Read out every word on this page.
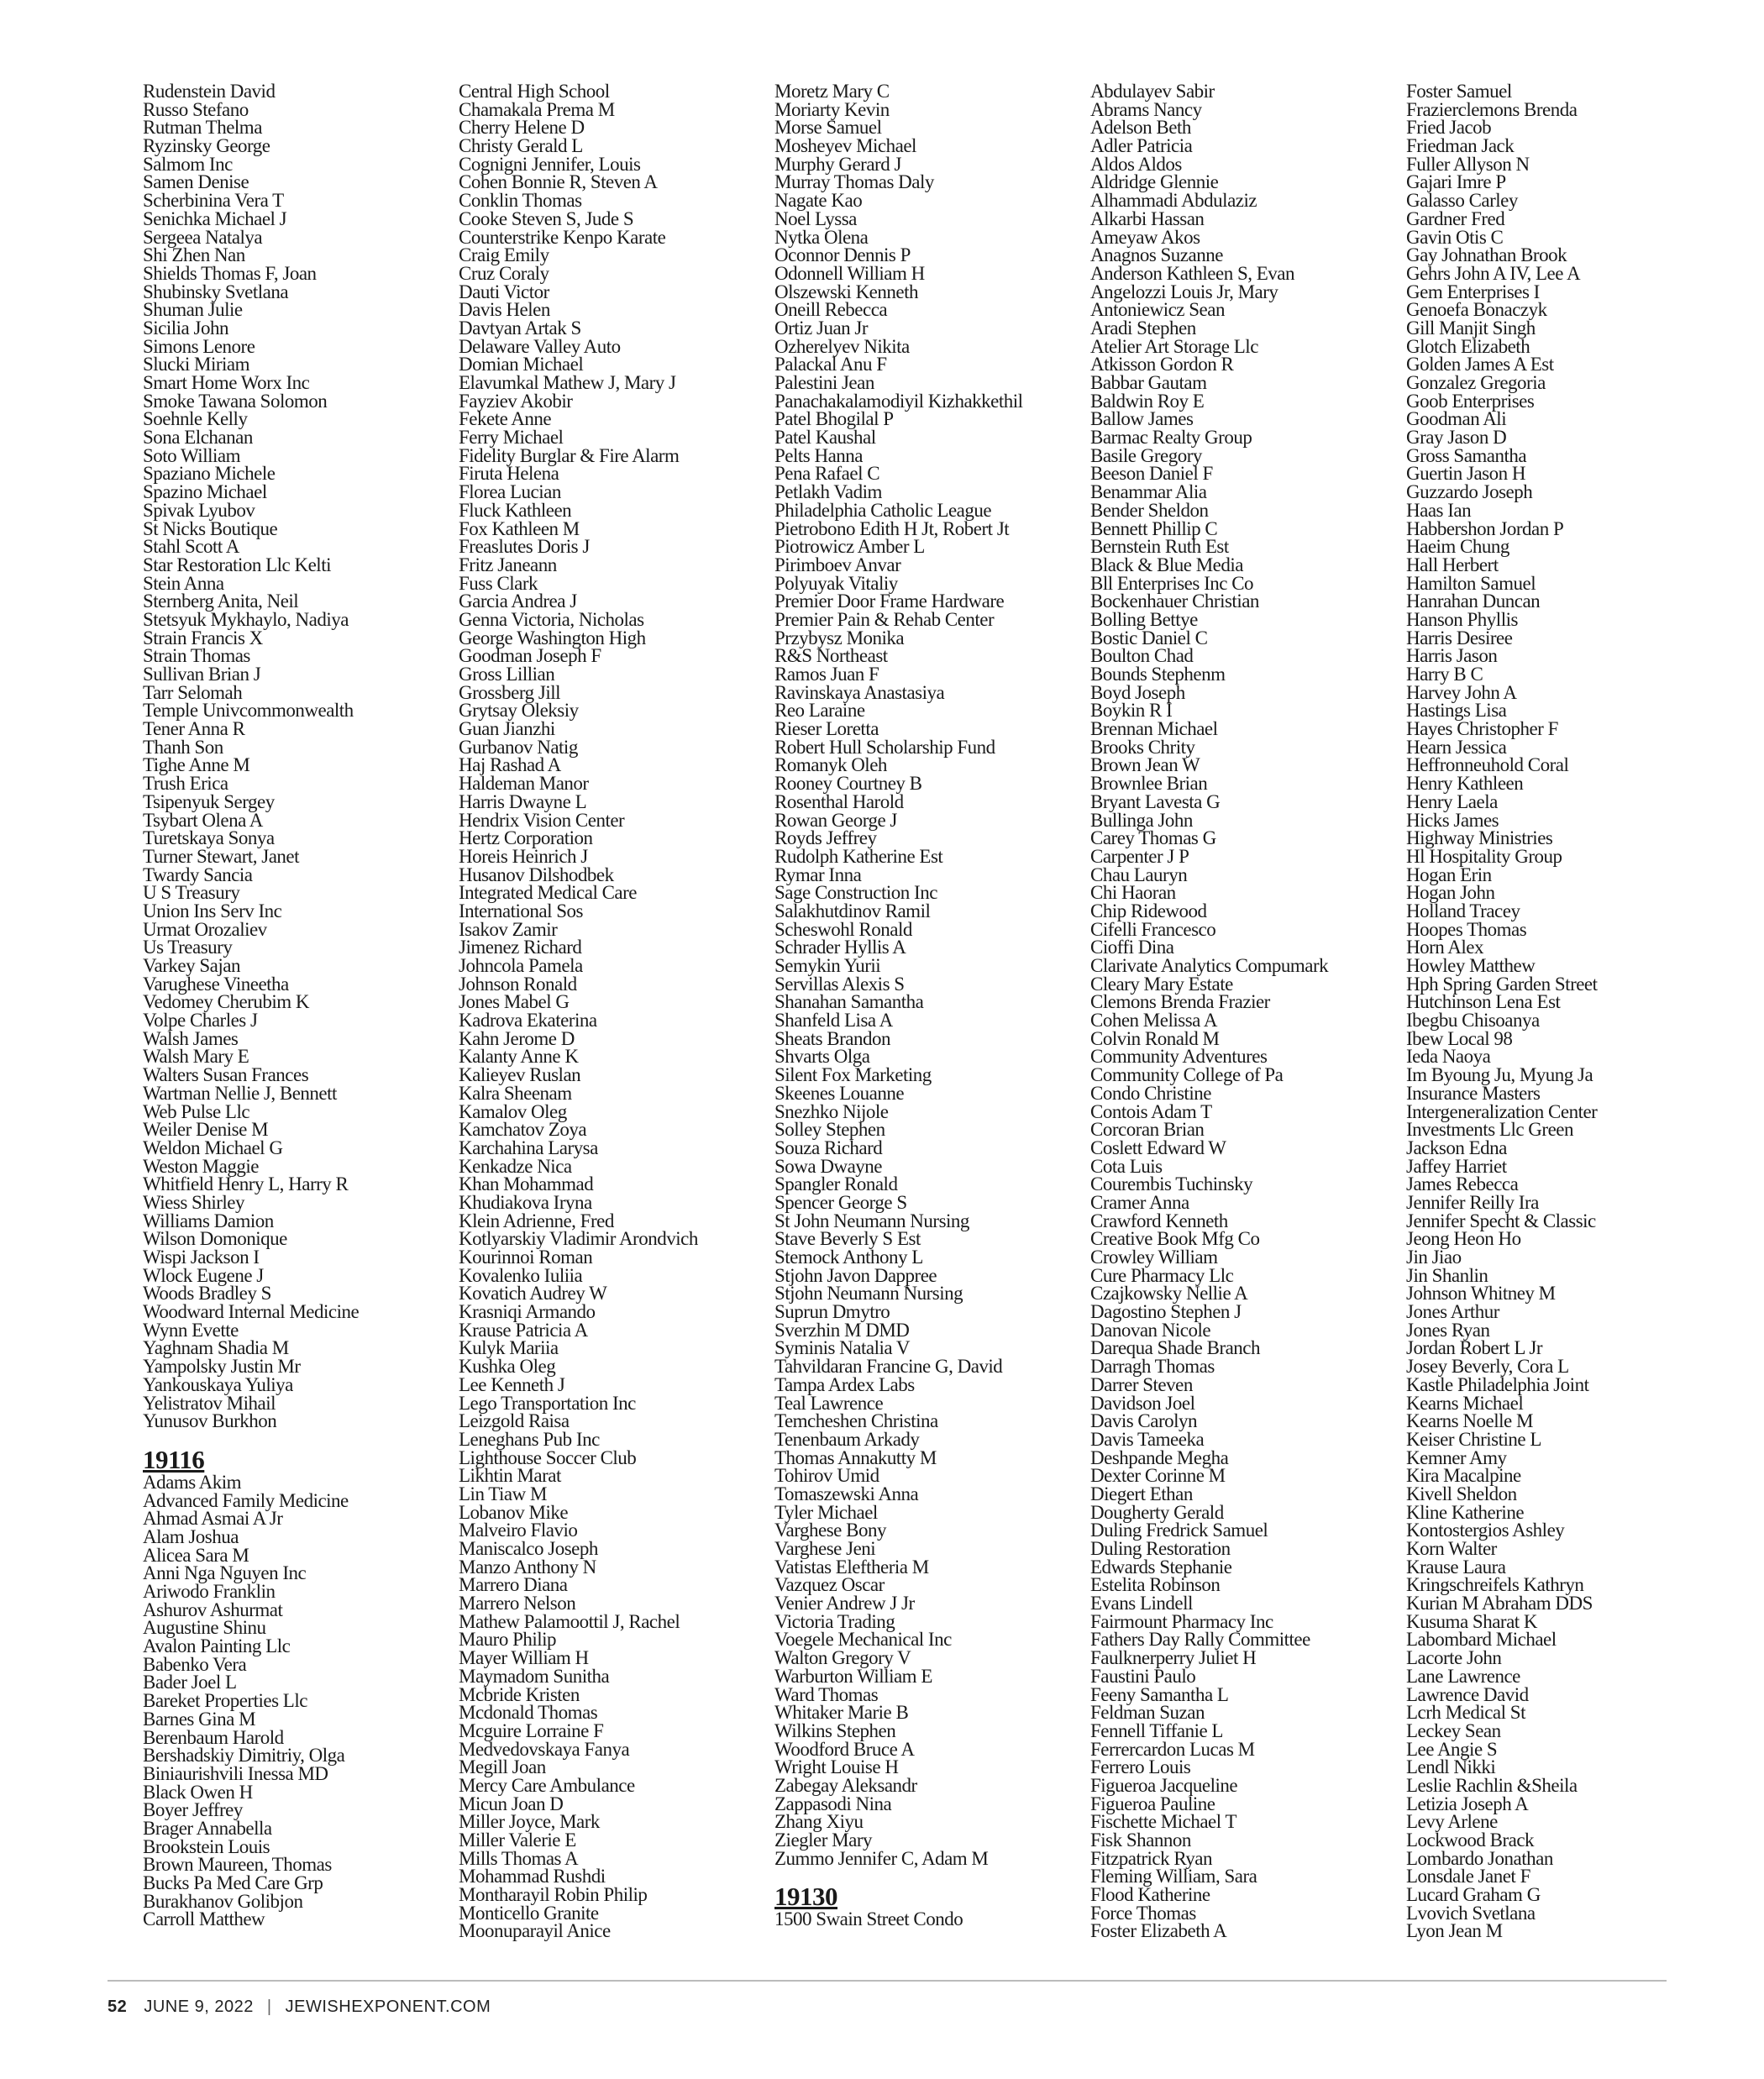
Rudenstein David
Russo Stefano
Rutman Thelma
Ryzinsky George
Salmom Inc
Samen Denise
Scherbinina Vera T
Senichka Michael J
Sergeea Natalya
Shi Zhen Nan
Shields Thomas F, Joan
Shubinsky Svetlana
Shuman Julie
Sicilia John
Simons Lenore
Slucki Miriam
Smart Home Worx Inc
Smoke Tawana Solomon
Soehnle Kelly
Sona Elchanan
Soto William
Spaziano Michele
Spazino Michael
Spivak Lyubov
St Nicks Boutique
Stahl Scott A
Star Restoration Llc Kelti
Stein Anna
Sternberg Anita, Neil
Stetsyuk Mykhaylo, Nadiya
Strain Francis X
Strain Thomas
Sullivan Brian J
Tarr Selomah
Temple Univcommonwealth
Tener Anna R
Thanh Son
Tighe Anne M
Trush Erica
Tsipenyuk Sergey
Tsybart Olena A
Turetskaya Sonya
Turner Stewart, Janet
Twardy Sancia
U S Treasury
Union Ins Serv Inc
Urmat Orozaliev
Us Treasury
Varkey Sajan
Varughese Vineetha
Vedomey Cherubim K
Volpe Charles J
Walsh James
Walsh Mary E
Walters Susan Frances
Wartman Nellie J, Bennett
Web Pulse Llc
Weiler Denise M
Weldon Michael G
Weston Maggie
Whitfield Henry L, Harry R
Wiess Shirley
Williams Damion
Wilson Domonique
Wispi Jackson I
Wlock Eugene J
Woods Bradley S
Woodward Internal Medicine
Wynn Evette
Yaghnam Shadia M
Yampolsky Justin Mr
Yankouskaya Yuliya
Yelistratov Mihail
Yunusov Burkhon
19116
Adams Akim
Advanced Family Medicine
Ahmad Asmai A Jr
Alam Joshua
Alicea Sara M
Anni Nga Nguyen Inc
Ariwodo Franklin
Ashurov Ashurmat
Augustine Shinu
Avalon Painting Llc
Babenko Vera
Bader Joel L
Bareket Properties Llc
Barnes Gina M
Berenbaum Harold
Bershadskiy Dimitriy, Olga
Biniaurishvili Inessa MD
Black Owen H
Boyer Jeffrey
Brager Annabella
Brookstein Louis
Brown Maureen, Thomas
Bucks Pa Med Care Grp
Burakhanov Golibjon
Carroll Matthew
Central High School
Chamakala Prema M
Cherry Helene D
Christy Gerald L
Cognigni Jennifer, Louis
Cohen Bonnie R, Steven A
Conklin Thomas
Cooke Steven S, Jude S
Counterstrike Kenpo Karate
Craig Emily
Cruz Coraly
Dauti Victor
Davis Helen
Davtyan Artak S
Delaware Valley Auto
Domian Michael
Elavumkal Mathew J, Mary J
Fayziev Akobir
Fekete Anne
Ferry Michael
Fidelity Burglar & Fire Alarm
Firuta Helena
Florea Lucian
Fluck Kathleen
Fox Kathleen M
Freaslutes Doris J
Fritz Janeann
Fuss Clark
Garcia Andrea J
Genna Victoria, Nicholas
George Washington High
Goodman Joseph F
Gross Lillian
Grossberg Jill
Grytsay Oleksiy
Guan Jianzhi
Gurbanov Natig
Haj Rashad A
Haldeman Manor
Harris Dwayne L
Hendrix Vision Center
Hertz Corporation
Horeis Heinrich J
Husanov Dilshodbek
Integrated Medical Care
International Sos
Isakov Zamir
Jimenez Richard
Johncola Pamela
Johnson Ronald
Jones Mabel G
Kadrova Ekaterina
Kahn Jerome D
Kalanty Anne K
Kalieyev Ruslan
Kalra Sheenam
Kamalov Oleg
Kamchatov Zoya
Karchahina Larysa
Kenkadze Nica
Khan Mohammad
Khudiakova Iryna
Klein Adrienne, Fred
Kotlyarskiy Vladimir Arondvich
Kourinnoi Roman
Kovalenko Iuliia
Kovatich Audrey W
Krasniqi Armando
Krause Patricia A
Kulyk Mariia
Kushka Oleg
Lee Kenneth J
Lego Transportation Inc
Leizgold Raisa
Leneghans Pub Inc
Lighthouse Soccer Club
Likhtin Marat
Lin Tiaw M
Lobanov Mike
Malveiro Flavio
Maniscalco Joseph
Manzo Anthony N
Marrero Diana
Marrero Nelson
Mathew Palamoottil J, Rachel
Mauro Philip
Mayer William H
Maymadom Sunitha
Mcbride Kristen
Mcdonald Thomas
Mcguire Lorraine F
Medvedovskaya Fanya
Megill Joan
Mercy Care Ambulance
Micun Joan D
Miller Joyce, Mark
Miller Valerie E
Mills Thomas A
Mohammad Rushdi
Montharayil Robin Philip
Monticello Granite
Moonuparayil Anice
Moretz Mary C
Moriarty Kevin
Morse Samuel
Mosheyev Michael
Murphy Gerard J
Murray Thomas Daly
Nagate Kao
Noel Lyssa
Nytka Olena
Oconnor Dennis P
Odonnell William H
Olszewski Kenneth
Oneill Rebecca
Ortiz Juan Jr
Ozherelyev Nikita
Palackal Anu F
Palestini Jean
Panachakalamodiyil Kizhakkethil
Patel Bhogilal P
Patel Kaushal
Pelts Hanna
Pena Rafael C
Petlakh Vadim
Philadelphia Catholic League
Pietrobono Edith H Jt, Robert Jt
Piotrowicz Amber L
Pirimboev Anvar
Polyuyak Vitaliy
Premier Door Frame Hardware
Premier Pain & Rehab Center
Przybysz Monika
R&S Northeast
Ramos Juan F
Ravinskaya Anastasiya
Reo Laraine
Rieser Loretta
Robert Hull Scholarship Fund
Romanyk Oleh
Rooney Courtney B
Rosenthal Harold
Rowan George J
Royds Jeffrey
Rudolph Katherine Est
Rymar Inna
Sage Construction Inc
Salakhutdinov Ramil
Scheswohl Ronald
Schrader Hyllis A
Semykin Yurii
Servillas Alexis S
Shanahan Samantha
Shanfeld Lisa A
Sheats Brandon
Shvarts Olga
Silent Fox Marketing
Skeenes Louanne
Snezhko Nijole
Solley Stephen
Souza Richard
Sowa Dwayne
Spangler Ronald
Spencer George S
St John Neumann Nursing
Stave Beverly S Est
Stemock Anthony L
Stjohn Javon Dappree
Stjohn Neumann Nursing
Suprun Dmytro
Sverzhin M DMD
Syminis Natalia V
Tahvildaran Francine G, David
Tampa Ardex Labs
Teal Lawrence
Temcheshen Christina
Tenenbaum Arkady
Thomas Annakutty M
Tohirov Umid
Tomaszewski Anna
Tyler Michael
Varghese Bony
Varghese Jeni
Vatistas Eleftheria M
Vazquez Oscar
Venier Andrew J Jr
Victoria Trading
Voegele Mechanical Inc
Walton Gregory V
Warburton William E
Ward Thomas
Whitaker Marie B
Wilkins Stephen
Woodford Bruce A
Wright Louise H
Zabegay Aleksandr
Zappasodi Nina
Zhang Xiyu
Ziegler Mary
Zummo Jennifer C, Adam M
19130
1500 Swain Street Condo
Abdulayev Sabir
Abrams Nancy
Adelson Beth
Adler Patricia
Aldos Aldos
Aldridge Glennie
Alhammadi Abdulaziz
Alkarbi Hassan
Ameyaw Akos
Anagnos Suzanne
Anderson Kathleen S, Evan
Angelozzi Louis Jr, Mary
Antoniewicz Sean
Aradi Stephen
Atelier Art Storage Llc
Atkisson Gordon R
Babbar Gautam
Baldwin Roy E
Ballow James
Barmac Realty Group
Basile Gregory
Beeson Daniel F
Benammar Alia
Bender Sheldon
Bennett Phillip C
Bernstein Ruth Est
Black & Blue Media
Bll Enterprises Inc Co
Bockenhauer Christian
Bolling Bettye
Bostic Daniel C
Boulton Chad
Bounds Stephenm
Boyd Joseph
Boykin R I
Brennan Michael
Brooks Chrity
Brown Jean W
Brownlee Brian
Bryant Lavesta G
Bullinga John
Carey Thomas G
Carpenter J P
Chau Lauryn
Chi Haoran
Chip Ridewood
Cifelli Francesco
Cioffi Dina
Clarivate Analytics Compumark
Cleary Mary Estate
Clemons Brenda Frazier
Cohen Melissa A
Colvin Ronald M
Community Adventures
Community College of Pa
Condo Christine
Contois Adam T
Corcoran Brian
Coslett Edward W
Cota Luis
Courembis Tuchinsky
Cramer Anna
Crawford Kenneth
Creative Book Mfg Co
Crowley William
Cure Pharmacy Llc
Czajkowsky Nellie A
Dagostino Stephen J
Danovan Nicole
Darequa Shade Branch
Darragh Thomas
Darrer Steven
Davidson Joel
Davis Carolyn
Davis Tameeka
Deshpande Megha
Dexter Corinne M
Diegert Ethan
Dougherty Gerald
Duling Fredrick Samuel
Duling Restoration
Edwards Stephanie
Estelita Robinson
Evans Lindell
Fairmount Pharmacy Inc
Fathers Day Rally Committee
Faulknerperry Juliet H
Faustini Paulo
Feeny Samantha L
Feldman Suzan
Fennell Tiffanie L
Ferrercardon Lucas M
Ferrero Louis
Figueroa Jacqueline
Figueroa Pauline
Fischette Michael T
Fisk Shannon
Fitzpatrick Ryan
Fleming William, Sara
Flood Katherine
Force Thomas
Foster Elizabeth A
Foster Samuel
Frazierclemons Brenda
Fried Jacob
Friedman Jack
Fuller Allyson N
Gajari Imre P
Galasso Carley
Gardner Fred
Gavin Otis C
Gay Johnathan Brook
Gehrs John A IV, Lee A
Gem Enterprises I
Genoefa Bonaczyk
Gill Manjit Singh
Glotch Elizabeth
Golden James A Est
Gonzalez Gregoria
Goob Enterprises
Goodman Ali
Gray Jason D
Gross Samantha
Guertin Jason H
Guzzardo Joseph
Haas Ian
Habbershon Jordan P
Haeim Chung
Hall Herbert
Hamilton Samuel
Hanrahan Duncan
Hanson Phyllis
Harris Desiree
Harris Jason
Harry B C
Harvey John A
Hastings Lisa
Hayes Christopher F
Hearn Jessica
Heffronneuhold Coral
Henry Kathleen
Henry Laela
Hicks James
Highway Ministries
Hl Hospitality Group
Hogan Erin
Hogan John
Holland Tracey
Hoopes Thomas
Horn Alex
Howley Matthew
Hph Spring Garden Street
Hutchinson Lena Est
Ibegbu Chisoanya
Ibew Local 98
Ieda Naoya
Im Byoung Ju, Myung Ja
Insurance Masters
Intergeneralization Center
Investments Llc Green
Jackson Edna
Jaffey Harriet
James Rebecca
Jennifer Reilly Ira
Jennifer Specht & Classic
Jeong Heon Ho
Jin Jiao
Jin Shanlin
Johnson Whitney M
Jones Arthur
Jones Ryan
Jordan Robert L Jr
Josey Beverly, Cora L
Kastle Philadelphia Joint
Kearns Michael
Kearns Noelle M
Keiser Christine L
Kemner Amy
Kira Macalpine
Kivell Sheldon
Kline Katherine
Kontostergios Ashley
Korn Walter
Krause Laura
Kringschreifels Kathryn
Kurian M Abraham DDS
Kusuma Sharat K
Labombard Michael
Lacorte John
Lane Lawrence
Lawrence David
Lcrh Medical St
Leckey Sean
Lee Angie S
Lendl Nikki
Leslie Rachlin &Sheila
Letizia Joseph A
Levy Arlene
Lockwood Brack
Lombardo Jonathan
Lonsdale Janet F
Lucard Graham G
Lvovich Svetlana
Lyon Jean M
52 JUNE 9, 2022 | JEWISHEXPONENT.COM
